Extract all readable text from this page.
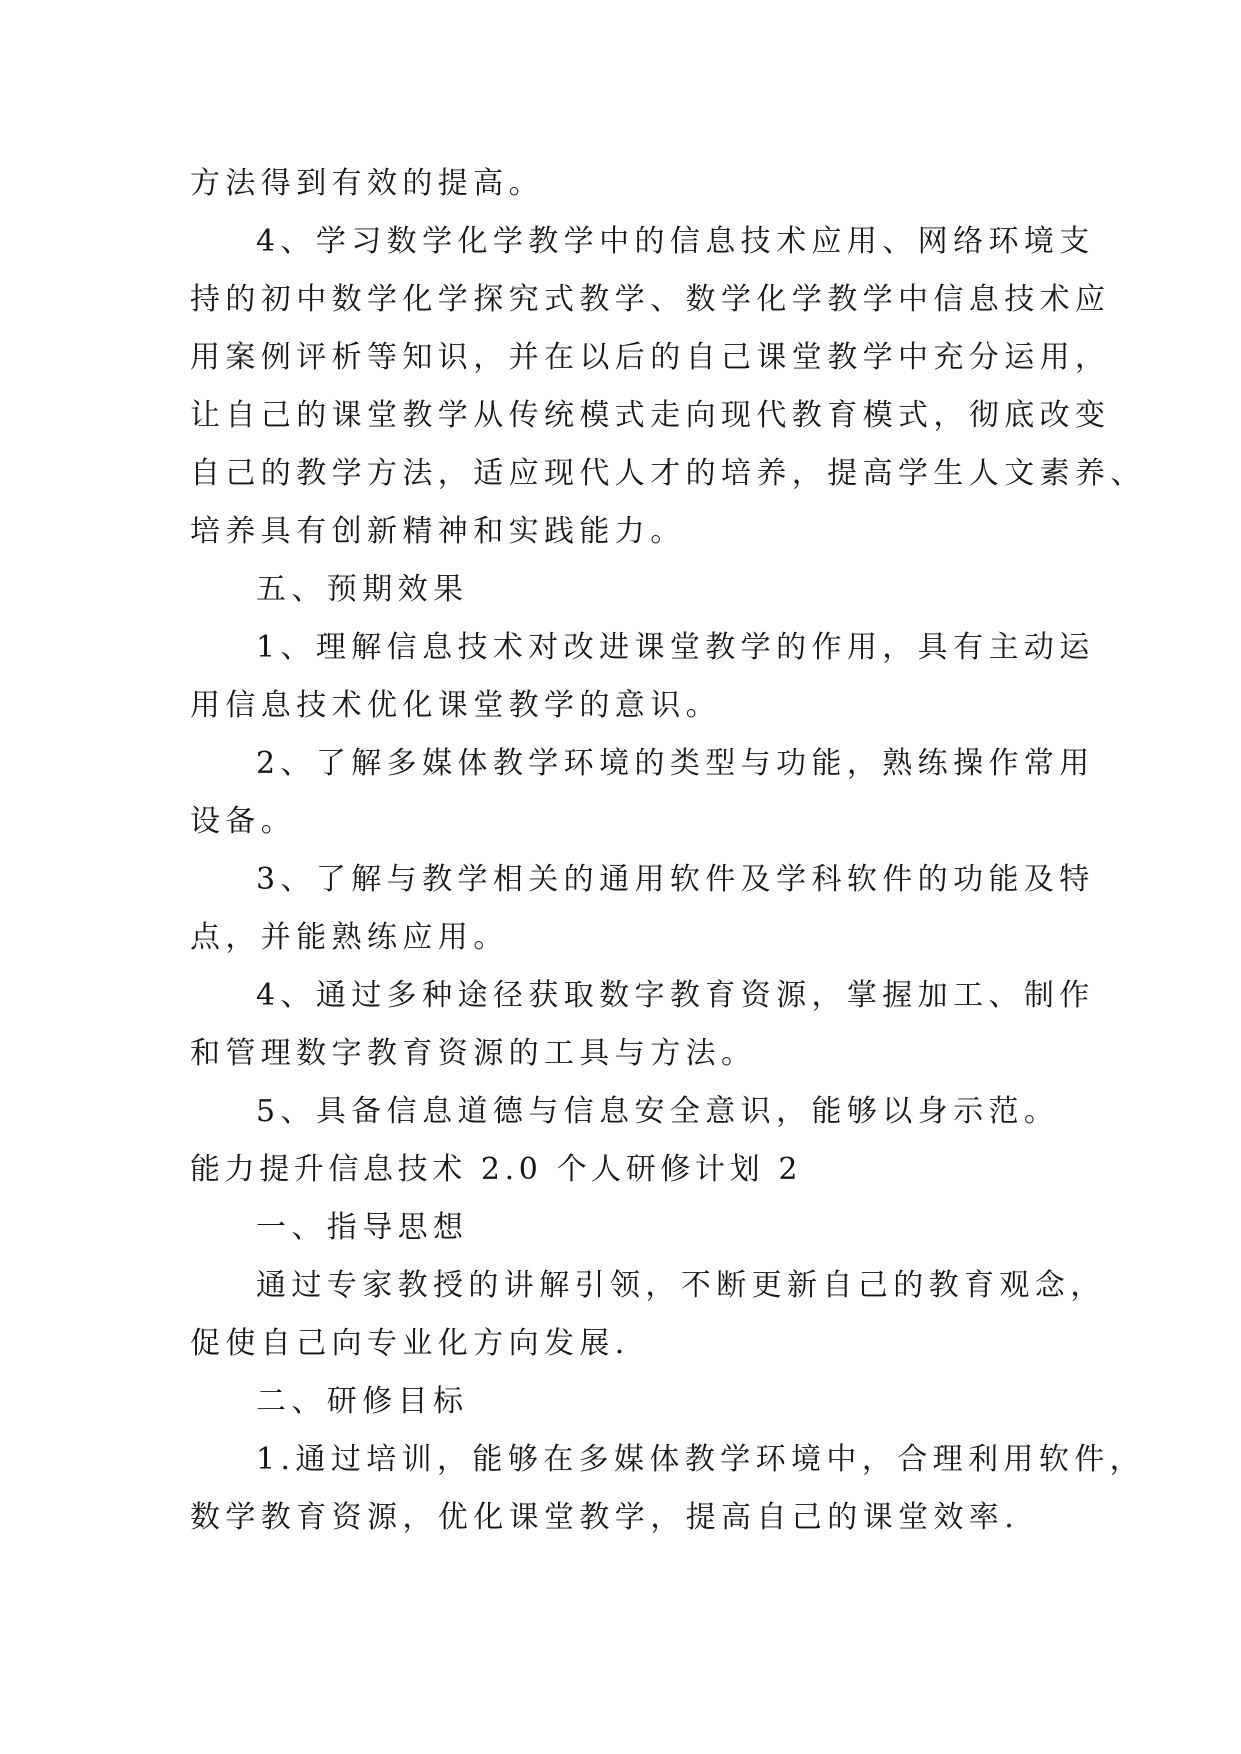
方法得到有效的提高。
4、学习数学化学教学中的信息技术应用、网络环境支
持的初中数学化学探究式教学、数学化学教学中信息技术应
用案例评析等知识，并在以后的自己课堂教学中充分运用，
让自己的课堂教学从传统模式走向现代教育模式，彻底改变
自己的教学方法，适应现代人才的培养，提高学生人文素养、
培养具有创新精神和实践能力。
五、预期效果
1、理解信息技术对改进课堂教学的作用，具有主动运
用信息技术优化课堂教学的意识。
2、了解多媒体教学环境的类型与功能，熟练操作常用
设备。
3、了解与教学相关的通用软件及学科软件的功能及特
点，并能熟练应用。
4、通过多种途径获取数字教育资源，掌握加工、制作
和管理数字教育资源的工具与方法。
5、具备信息道德与信息安全意识，能够以身示范。
能力提升信息技术 2.0 个人研修计划 2
一、指导思想
通过专家教授的讲解引领，不断更新自己的教育观念，
促使自己向专业化方向发展.
二、研修目标
1.通过培训，能够在多媒体教学环境中，合理利用软件，
数学教育资源，优化课堂教学，提高自己的课堂效率.
